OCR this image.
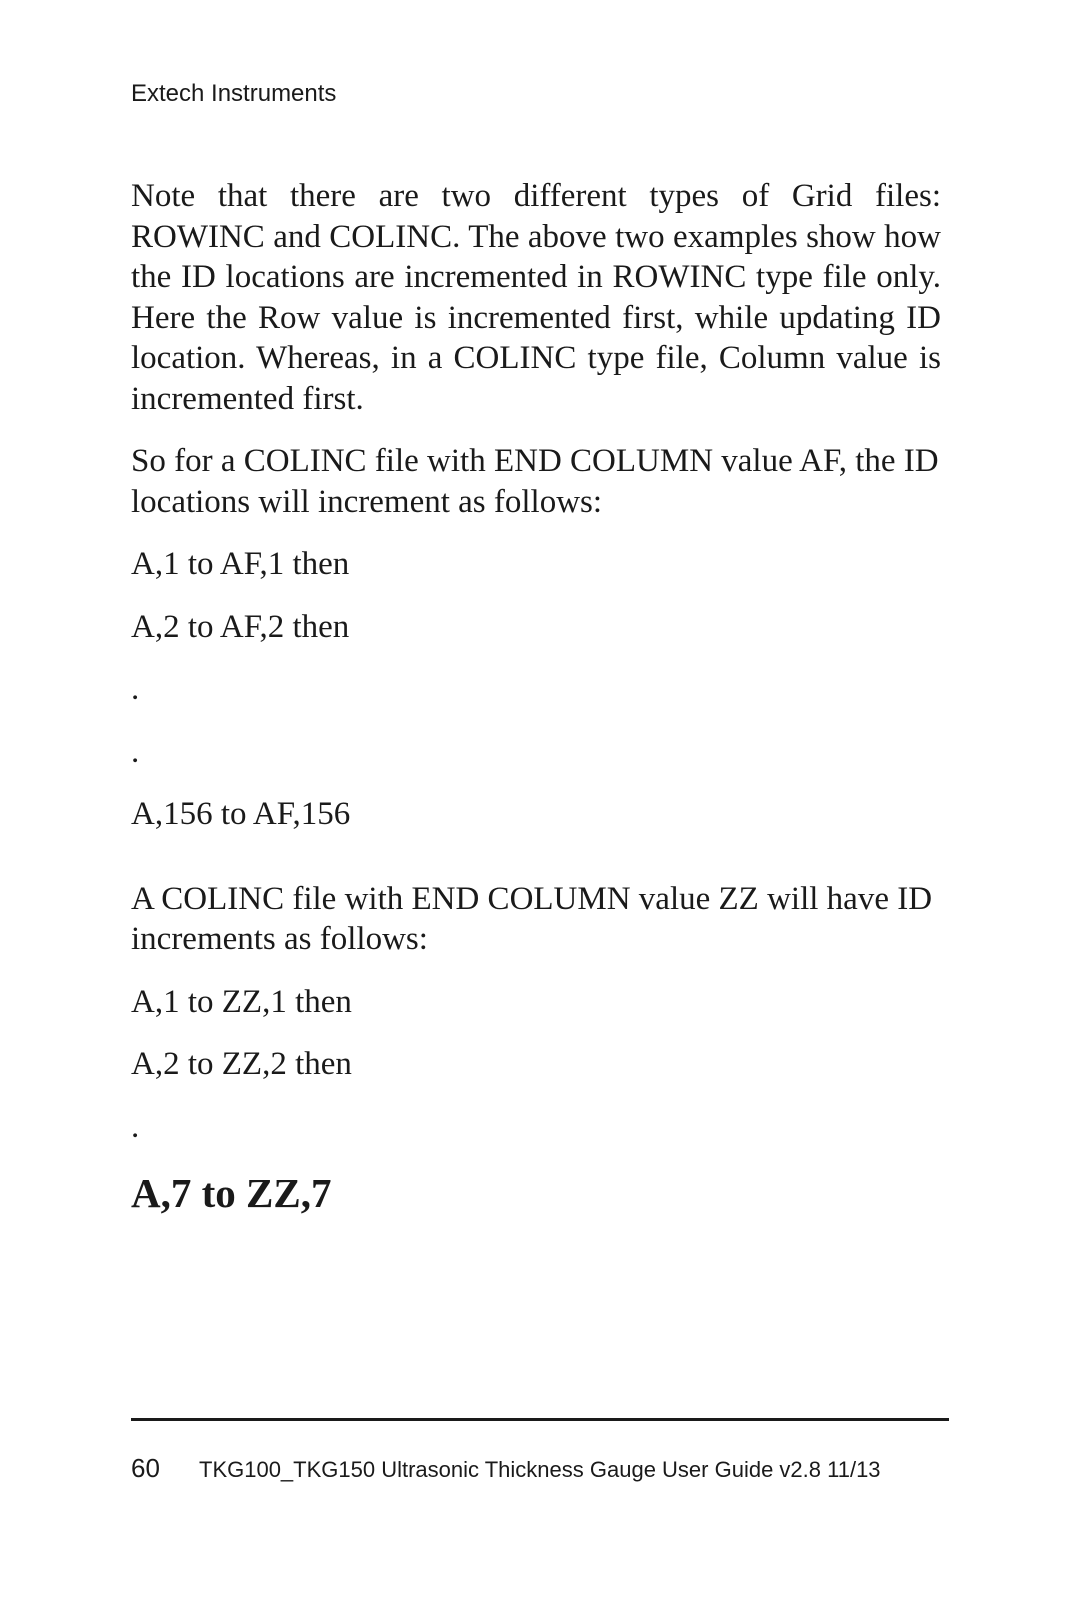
Extech Instruments

Note that there are two different types of Grid files: ROWINC and COLINC. The above two examples show how the ID locations are incremented in ROWINC type file only. Here the Row value is incremented first, while updating ID location. Whereas, in a COLINC type file, Column value is incremented first.

So for a COLINC file with END COLUMN value AF, the ID locations will increment as follows:

A,1 to AF,1 then

A,2 to AF,2 then

.

.

A,156 to AF,156

A COLINC file with END COLUMN value ZZ will have ID increments as follows:

A,1 to ZZ,1 then

A,2 to ZZ,2 then

.

A,7 to ZZ,7

60 TKG100_TKG150 Ultrasonic Thickness Gauge User Guide v2.8 11/13
